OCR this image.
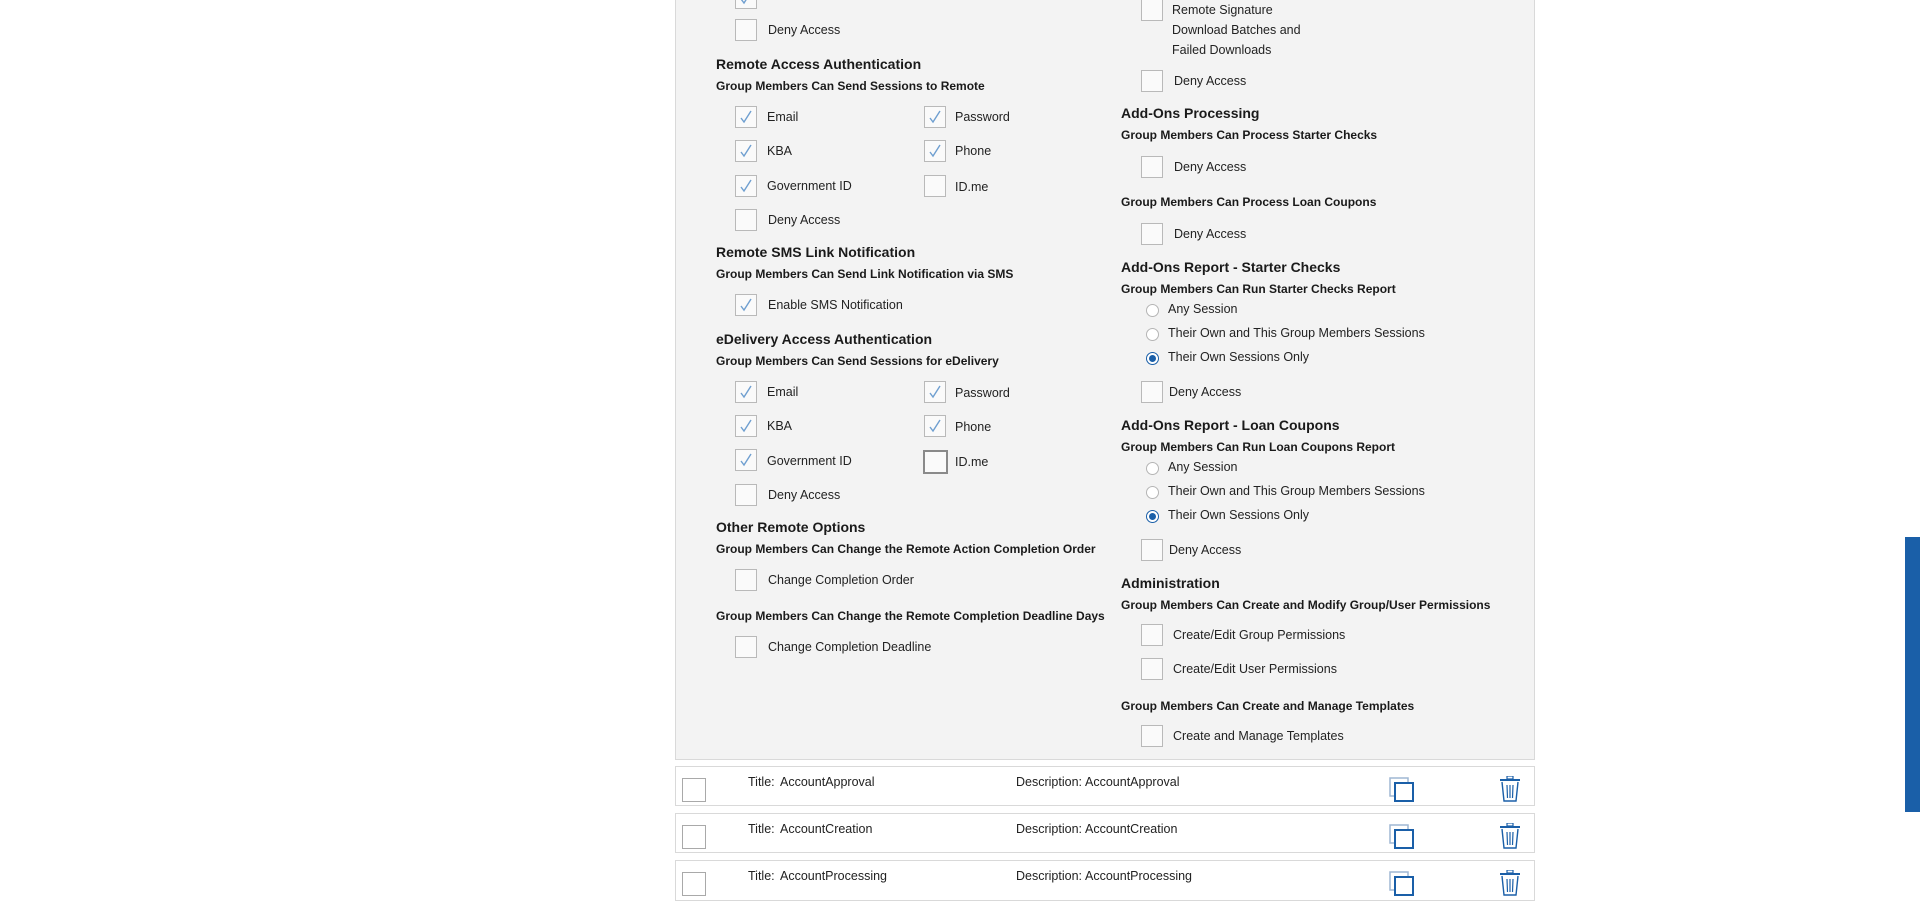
Deny Access
Remote Access Authentication
Group Members Can Send Sessions to Remote
Email	Password
KBA	Phone
Government ID	ID.me
Deny Access
Remote SMS Link Notification
Group Members Can Send Link Notification via SMS
Enable SMS Notification
eDelivery Access Authentication
Group Members Can Send Sessions for eDelivery
Email	Password
KBA	Phone
Government ID	ID.me
Deny Access
Other Remote Options
Group Members Can Change the Remote Action Completion Order
Change Completion Order
Group Members Can Change the Remote Completion Deadline Days
Change Completion Deadline
Remote Signature
Download Batches and
Failed Downloads
Deny Access
Add-Ons Processing
Group Members Can Process Starter Checks
Deny Access
Group Members Can Process Loan Coupons
Deny Access
Add-Ons Report - Starter Checks
Group Members Can Run Starter Checks Report
Any Session
Their Own and This Group Members Sessions
Their Own Sessions Only
Deny Access
Add-Ons Report - Loan Coupons
Group Members Can Run Loan Coupons Report
Any Session
Their Own and This Group Members Sessions
Their Own Sessions Only
Deny Access
Administration
Group Members Can Create and Modify Group/User Permissions
Create/Edit Group Permissions
Create/Edit User Permissions
Group Members Can Create and Manage Templates
Create and Manage Templates
Title: AccountApproval	Description: AccountApproval
Title: AccountCreation	Description: AccountCreation
Title: AccountProcessing	Description: AccountProcessing
